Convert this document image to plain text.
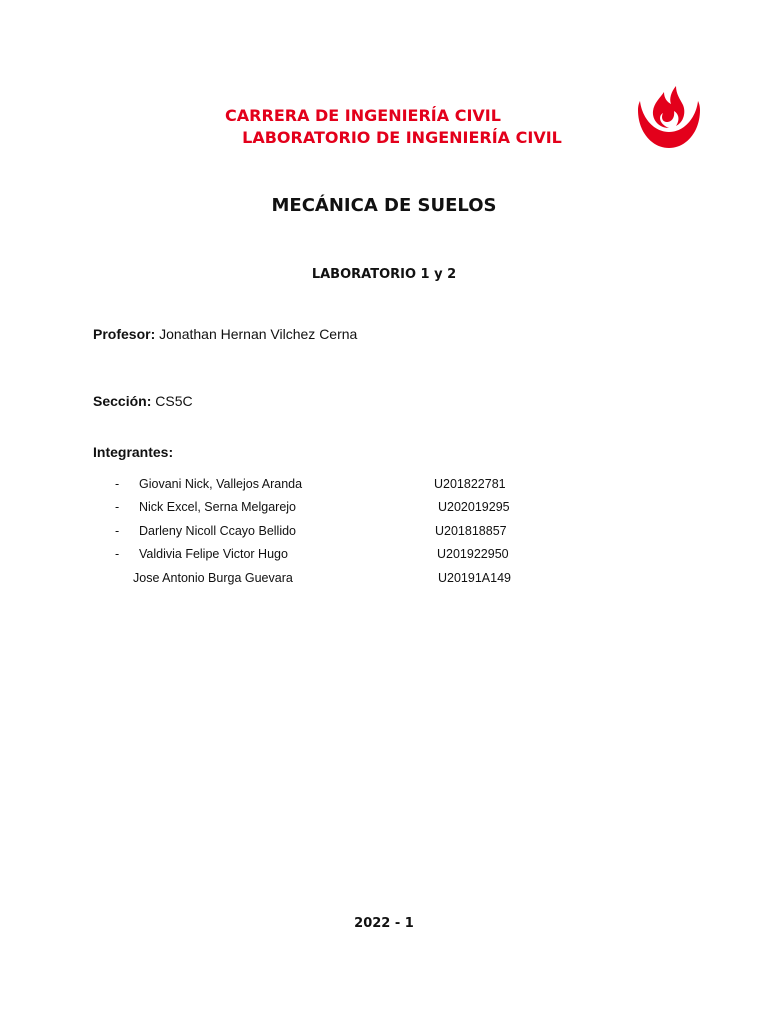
CARRERA DE INGENIERÍA CIVIL
LABORATORIO DE INGENIERÍA CIVIL
MECÁNICA DE SUELOS
LABORATORIO 1 y 2
Profesor: Jonathan Hernan Vilchez Cerna
Sección: CS5C
Integrantes:
- Giovani Nick, Vallejos Aranda	U201822781
- Nick Excel, Serna Melgarejo	U202019295
- Darleny Nicoll Ccayo Bellido	U201818857
- Valdivia Felipe Victor Hugo	U201922950
Jose Antonio Burga Guevara	U20191A149
2022 - 1
